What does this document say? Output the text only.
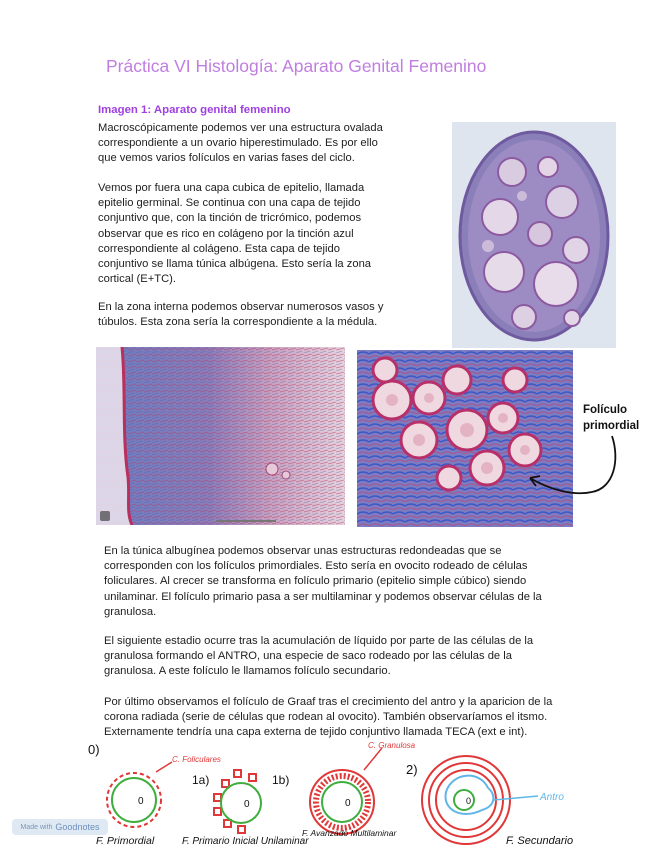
Práctica VI Histología: Aparato Genital Femenino
Imagen 1: Aparato genital femenino

Macroscópicamente podemos ver una estructura ovalada
correspondiente a un ovario hiperestimulado. Es por ello
que vemos varios folículos en varias fases del ciclo.

Vemos por fuera una capa cubica de epitelio, llamada
epitelio germinal. Se continua con una capa de tejido
conjuntivo que, con la tinción de tricrómico, podemos
observar que es rico en colágeno por la tinción azul
correspondiente al colágeno. Esta capa de tejido
conjuntivo se llama túnica albúgena. Esto sería la zona
cortical (E+TC).

En la zona interna podemos observar numerosos vasos y
túbulos. Esta zona sería la correspondiente a la médula.

Folículo
primordial

En la túnica albugínea podemos observar unas estructuras redondeadas que se
corresponden con los folículos primordiales. Esto sería en ovocito rodeado de células
foliculares. Al crecer se transforma en folículo primario (epitelio simple cúbico) siendo
unilaminar. El folículo primario pasa a ser multilaminar y podemos observar células de la
granulosa.

El siguiente estadio ocurre tras la acumulación de líquido por parte de las células de la
granulosa formando el ANTRO, una especie de saco rodeado por las células de la
granulosa. A este folículo le llamamos folículo secundario.

Por último observamos el folículo de Graaf tras el crecimiento del antro y la aparicion de la
corona radiada (serie de células que rodean al ovocito). También observaríamos el itsmo.
Externamente tendría una capa externa de tejido conjuntivo llamada TECA (ext e int).

0)
0
C. Foliculares
F. Primordial
1a)
0
F. Primario Inicial Unilaminar
1b)
0
C. Granulosa
F. Avanzado Multilaminar
2)
0	Antro
F. Secundario
Made with Goodnotes
